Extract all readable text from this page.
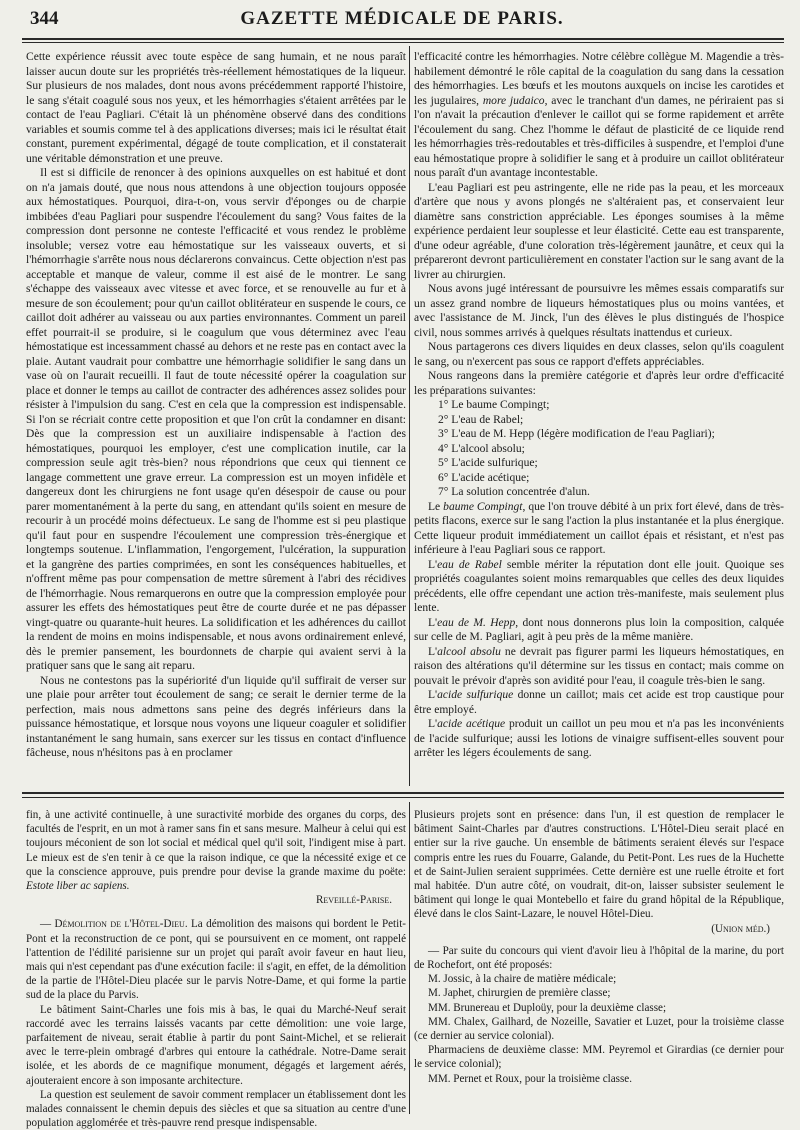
344	GAZETTE MÉDICALE DE PARIS.

Cette expérience réussit avec toute espèce de sang humain, et ne nous paraît laisser aucun doute sur les propriétés très-réellement hémostatiques de la liqueur. Sur plusieurs de nos malades, dont nous avons précédemment rapporté l'histoire, le sang s'était coagulé sous nos yeux, et les hémorrhagies s'étaient arrêtées par le contact de l'eau Pagliari. C'était là un phénomène observé dans des conditions variables et soumis comme tel à des applications diverses; mais ici le résultat était constant, purement expérimental, dégagé de toute complication, et il constaterait une véritable démonstration et une preuve.

Il est si difficile de renoncer à des opinions auxquelles on est habitué et dont on n'a jamais douté, que nous nous attendons à une objection toujours opposée aux hémostatiques. Pourquoi, dira-t-on, vous servir d'éponges ou de charpie imbibées d'eau Pagliari pour suspendre l'écoulement du sang? Vous faites de la compression dont personne ne conteste l'efficacité et vous rendez le problème insoluble; versez votre eau hémostatique sur les vaisseaux ouverts, et si l'hémorrhagie s'arrête nous nous déclarerons convaincus. Cette objection n'est pas acceptable et manque de valeur, comme il est aisé de le montrer. Le sang s'échappe des vaisseaux avec vitesse et avec force, et se renouvelle au fur et à mesure de son écoulement; pour qu'un caillot oblitérateur en suspende le cours, ce caillot doit adhérer au vaisseau ou aux parties environnantes. Comment un pareil effet pourrait-il se produire, si le coagulum que vous déterminez avec l'eau hémostatique est incessamment chassé au dehors et ne reste pas en contact avec la plaie. Autant vaudrait pour combattre une hémorrhagie solidifier le sang dans un vase où on l'aurait recueilli. Il faut de toute nécessité opérer la coagulation sur place et donner le temps au caillot de contracter des adhérences assez solides pour résister à l'impulsion du sang. C'est en cela que la compression est indispensable. Si l'on se récriait contre cette proposition et que l'on crût la condamner en disant: Dès que la compression est un auxiliaire indispensable à l'action des hémostatiques, pourquoi les employer, c'est une complication inutile, car la compression seule agit très-bien? nous répondrions que ceux qui tiennent ce langage commettent une grave erreur. La compression est un moyen infidèle et dangereux dont les chirurgiens ne font usage qu'en désespoir de cause ou pour parer momentanément à la perte du sang, en attendant qu'ils soient en mesure de recourir à un procédé moins défectueux. Le sang de l'homme est si peu plastique qu'il faut pour en suspendre l'écoulement une compression très-énergique et longtemps soutenue. L'inflammation, l'engorgement, l'ulcération, la suppuration et la gangrène des parties comprimées, en sont les conséquences habituelles, et n'offrent même pas pour compensation de mettre sûrement à l'abri des récidives de l'hémorrhagie. Nous remarquerons en outre que la compression employée pour assurer les effets des hémostatiques peut être de courte durée et ne pas dépasser vingt-quatre ou quarante-huit heures. La solidification et les adhérences du caillot la rendent de moins en moins indispensable, et nous avons ordinairement enlevé, dès le premier pansement, les bourdonnets de charpie qui avaient servi à la pratiquer sans que le sang ait reparu.

Nous ne contestons pas la supériorité d'un liquide qu'il suffirait de verser sur une plaie pour arrêter tout écoulement de sang; ce serait le dernier terme de la perfection, mais nous admettons sans peine des degrés inférieurs dans la puissance hémostatique, et lorsque nous voyons une liqueur coaguler et solidifier instantanément le sang humain, sans exercer sur les tissus en contact d'influence fâcheuse, nous n'hésitons pas à en proclamer

l'efficacité contre les hémorrhagies. Notre célèbre collègue M. Magendie a très-habilement démontré le rôle capital de la coagulation du sang dans la cessation des hémorrhagies. Les bœufs et les moutons auxquels on incise les carotides et les jugulaires, more judaico, avec le tranchant d'un dames, ne périraient pas si l'on n'avait la précaution d'enlever le caillot qui se forme rapidement et arrête l'écoulement du sang. Chez l'homme le défaut de plasticité de ce liquide rend les hémorrhagies très-redoutables et très-difficiles à suspendre, et l'emploi d'une eau hémostatique propre à solidifier le sang et à produire un caillot oblitérateur nous paraît d'un avantage incontestable.

L'eau Pagliari est peu astringente, elle ne ride pas la peau, et les morceaux d'artère que nous y avons plongés ne s'altéraient pas, et conservaient leur diamètre sans constriction appréciable. Les éponges soumises à la même expérience perdaient leur souplesse et leur élasticité. Cette eau est transparente, d'une odeur agréable, d'une coloration très-légèrement jaunâtre, et ceux qui la prépareront devront particulièrement en constater l'action sur le sang avant de la livrer au chirurgien.

Nous avons jugé intéressant de poursuivre les mêmes essais comparatifs sur un assez grand nombre de liqueurs hémostatiques plus ou moins vantées, et avec l'assistance de M. Jinck, l'un des élèves le plus distingués de l'hospice civil, nous sommes arrivés à quelques résultats inattendus et curieux.

Nous partagerons ces divers liquides en deux classes, selon qu'ils coagulent le sang, ou n'exercent pas sous ce rapport d'effets appréciables.

Nous rangeons dans la première catégorie et d'après leur ordre d'efficacité les préparations suivantes:

1° Le baume Compingt;

2° L'eau de Rabel;

3° L'eau de M. Hepp (légère modification de l'eau Pagliari);

4° L'alcool absolu;

5° L'acide sulfurique;

6° L'acide acétique;

7° La solution concentrée d'alun.

Le baume Compingt, que l'on trouve débité à un prix fort élevé, dans de très-petits flacons, exerce sur le sang l'action la plus instantanée et la plus énergique. Cette liqueur produit immédiatement un caillot épais et résistant, et n'est pas inférieure à l'eau Pagliari sous ce rapport.

L'eau de Rabel semble mériter la réputation dont elle jouit. Quoique ses propriétés coagulantes soient moins remarquables que celles des deux liquides précédents, elle offre cependant une action très-manifeste, mais seulement plus lente.

L'eau de M. Hepp, dont nous donnerons plus loin la composition, calquée sur celle de M. Pagliari, agit à peu près de la même manière.

L'alcool absolu ne devrait pas figurer parmi les liqueurs hémostatiques, en raison des altérations qu'il détermine sur les tissus en contact; mais comme on pouvait le prévoir d'après son avidité pour l'eau, il coagule très-bien le sang.

L'acide sulfurique donne un caillot; mais cet acide est trop caustique pour être employé.

L'acide acétique produit un caillot un peu mou et n'a pas les inconvénients de l'acide sulfurique; aussi les lotions de vinaigre suffisent-elles souvent pour arrêter les légers écoulements de sang.

fin, à une activité continuelle, à une suractivité morbide des organes du corps, des facultés de l'esprit, en un mot à ramer sans fin et sans mesure. Malheur à celui qui est toujours méconient de son lot social et médical quel qu'il soit, l'indigent mise à part. Le mieux est de s'en tenir à ce que la raison indique, ce que la nécessité exige et ce que la conscience approuve, puis prendre pour devise la grande maxime du poëte: Estote liber ac sapiens.

Reveillé-Parise.

— Démolition de l'Hôtel-Dieu. La démolition des maisons qui bordent le Petit-Pont et la reconstruction de ce pont, qui se poursuivent en ce moment, ont rappelé l'attention de l'édilité parisienne sur un projet qui paraît avoir faveur en haut lieu, mais qui n'est cependant pas d'une exécution facile: il s'agit, en effet, de la démolition de la partie de l'Hôtel-Dieu placée sur le parvis Notre-Dame, et qui forme la partie sud de la place du Parvis.

Le bâtiment Saint-Charles une fois mis à bas, le quai du Marché-Neuf serait raccordé avec les terrains laissés vacants par cette démolition: une voie large, parfaitement de niveau, serait établie à partir du pont Saint-Michel, et se relierait avec le terre-plein ombragé d'arbres qui entoure la cathédrale. Notre-Dame serait isolée, et les abords de ce magnifique monument, dégagés et largement aérés, ajouteraient encore à son imposante architecture.

La question est seulement de savoir comment remplacer un établissement dont les malades connaissent le chemin depuis des siècles et que sa situation au centre d'une population agglomérée et très-pauvre rend presque indispensable.

Plusieurs projets sont en présence: dans l'un, il est question de remplacer le bâtiment Saint-Charles par d'autres constructions. L'Hôtel-Dieu serait placé en entier sur la rive gauche. Un ensemble de bâtiments seraient élevés sur l'espace compris entre les rues du Fouarre, Galande, du Petit-Pont. Les rues de la Huchette et de Saint-Julien seraient supprimées. Cette dernière est une ruelle étroite et fort mal habitée. D'un autre côté, on voudrait, dit-on, laisser subsister seulement le bâtiment qui longe le quai Montebello et faire du grand hôpital de la République, élevé dans le clos Saint-Lazare, le nouvel Hôtel-Dieu.

(Union méd.)

— Par suite du concours qui vient d'avoir lieu à l'hôpital de la marine, du port de Rochefort, ont été proposés:

M. Jossic, à la chaire de matière médicale;

M. Japhet, chirurgien de première classe;

MM. Brunereau et Duploüy, pour la deuxième classe;

MM. Chalex, Gailhard, de Nozeille, Savatier et Luzet, pour la troisième classe (ce dernier au service colonial).

Pharmaciens de deuxième classe: MM. Peyremol et Girardias (ce dernier pour le service colonial);

MM. Pernet et Roux, pour la troisième classe.
